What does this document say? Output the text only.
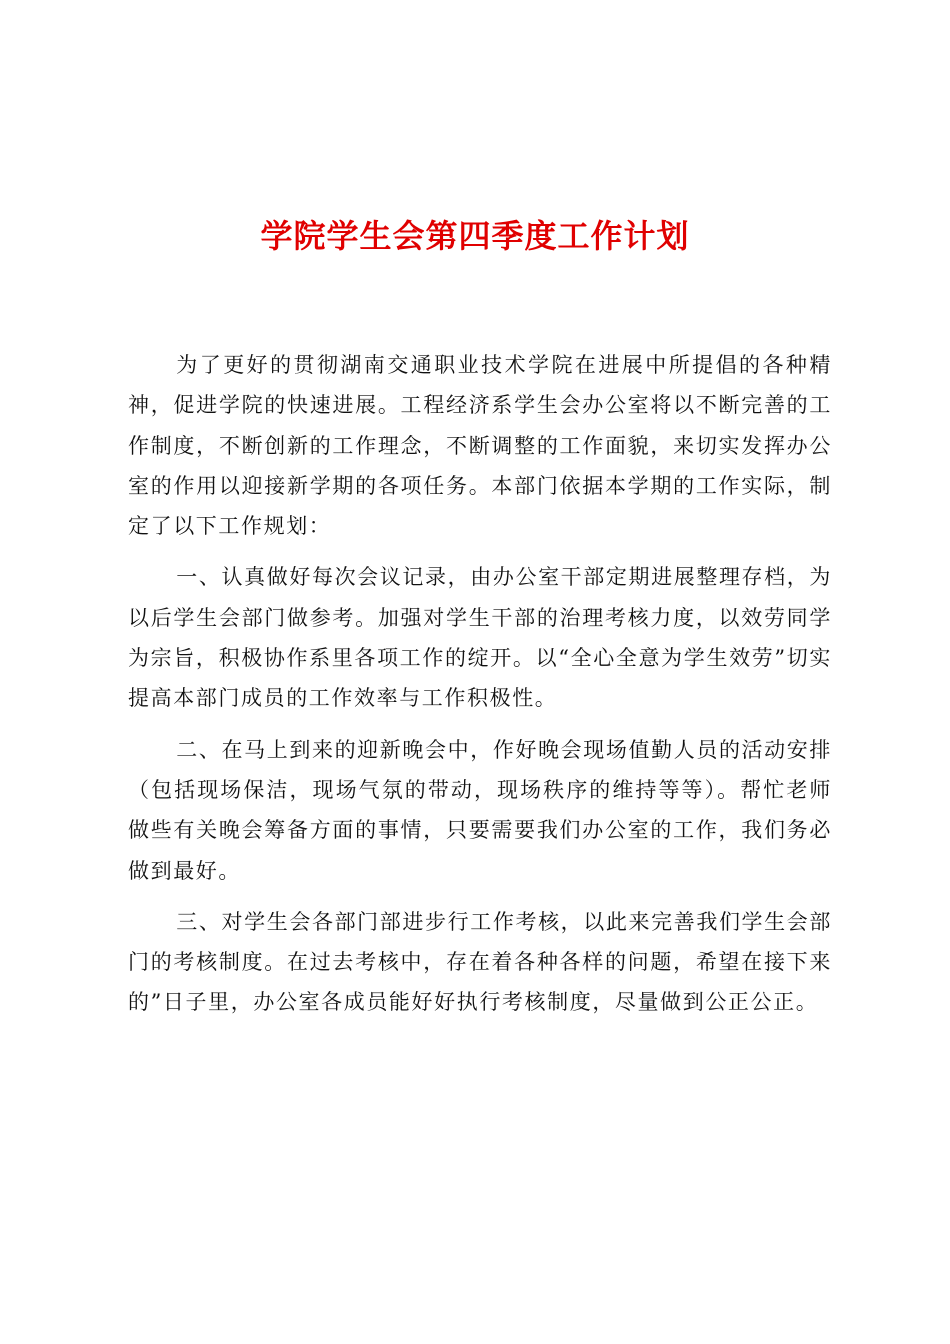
学院学生会第四季度工作计划

为了更好的贯彻湖南交通职业技术学院在进展中所提倡的各种精神，促进学院的快速进展。工程经济系学生会办公室将以不断完善的工作制度，不断创新的工作理念，不断调整的工作面貌，来切实发挥办公室的作用以迎接新学期的各项任务。本部门依据本学期的工作实际，制定了以下工作规划：

一、认真做好每次会议记录，由办公室干部定期进展整理存档，为以后学生会部门做参考。加强对学生干部的治理考核力度，以效劳同学为宗旨，积极协作系里各项工作的绽开。以“全心全意为学生效劳”切实提高本部门成员的工作效率与工作积极性。

二、在马上到来的迎新晚会中，作好晚会现场值勤人员的活动安排（包括现场保洁，现场气氛的带动，现场秩序的维持等等）。帮忙老师做些有关晚会筹备方面的事情，只要需要我们办公室的工作，我们务必做到最好。

三、对学生会各部门部进步行工作考核，以此来完善我们学生会部门的考核制度。在过去考核中，存在着各种各样的问题，希望在接下来的”日子里，办公室各成员能好好执行考核制度，尽量做到公正公正。
